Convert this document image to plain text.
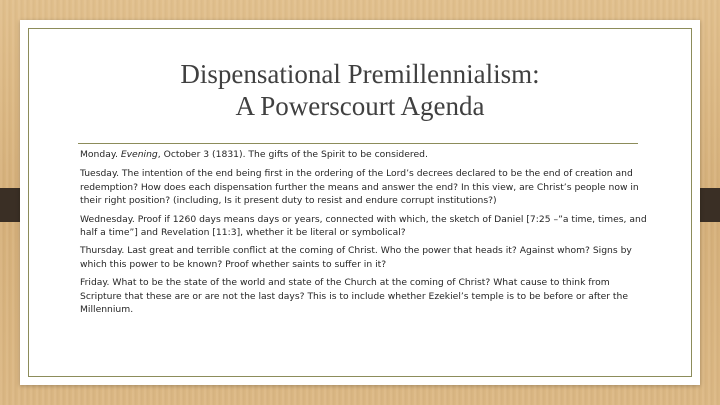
Dispensational Premillennialism:
A Powerscourt Agenda

Monday. Evening, October 3 (1831). The gifts of the Spirit to be considered.

Tuesday. The intention of the end being first in the ordering of the Lord’s decrees declared to be the end of creation and redemption? How does each dispensation further the means and answer the end? In this view, are Christ’s people now in their right position? (including, Is it present duty to resist and endure corrupt institutions?)

Wednesday. Proof if 1260 days means days or years, connected with which, the sketch of Daniel [7:25 –”a time, times, and half a time”] and Revelation [11:3], whether it be literal or symbolical?

Thursday. Last great and terrible conflict at the coming of Christ. Who the power that heads it? Against whom? Signs by which this power to be known? Proof whether saints to suffer in it?

Friday. What to be the state of the world and state of the Church at the coming of Christ? What cause to think from Scripture that these are or are not the last days? This is to include whether Ezekiel’s temple is to be before or after the Millennium.
